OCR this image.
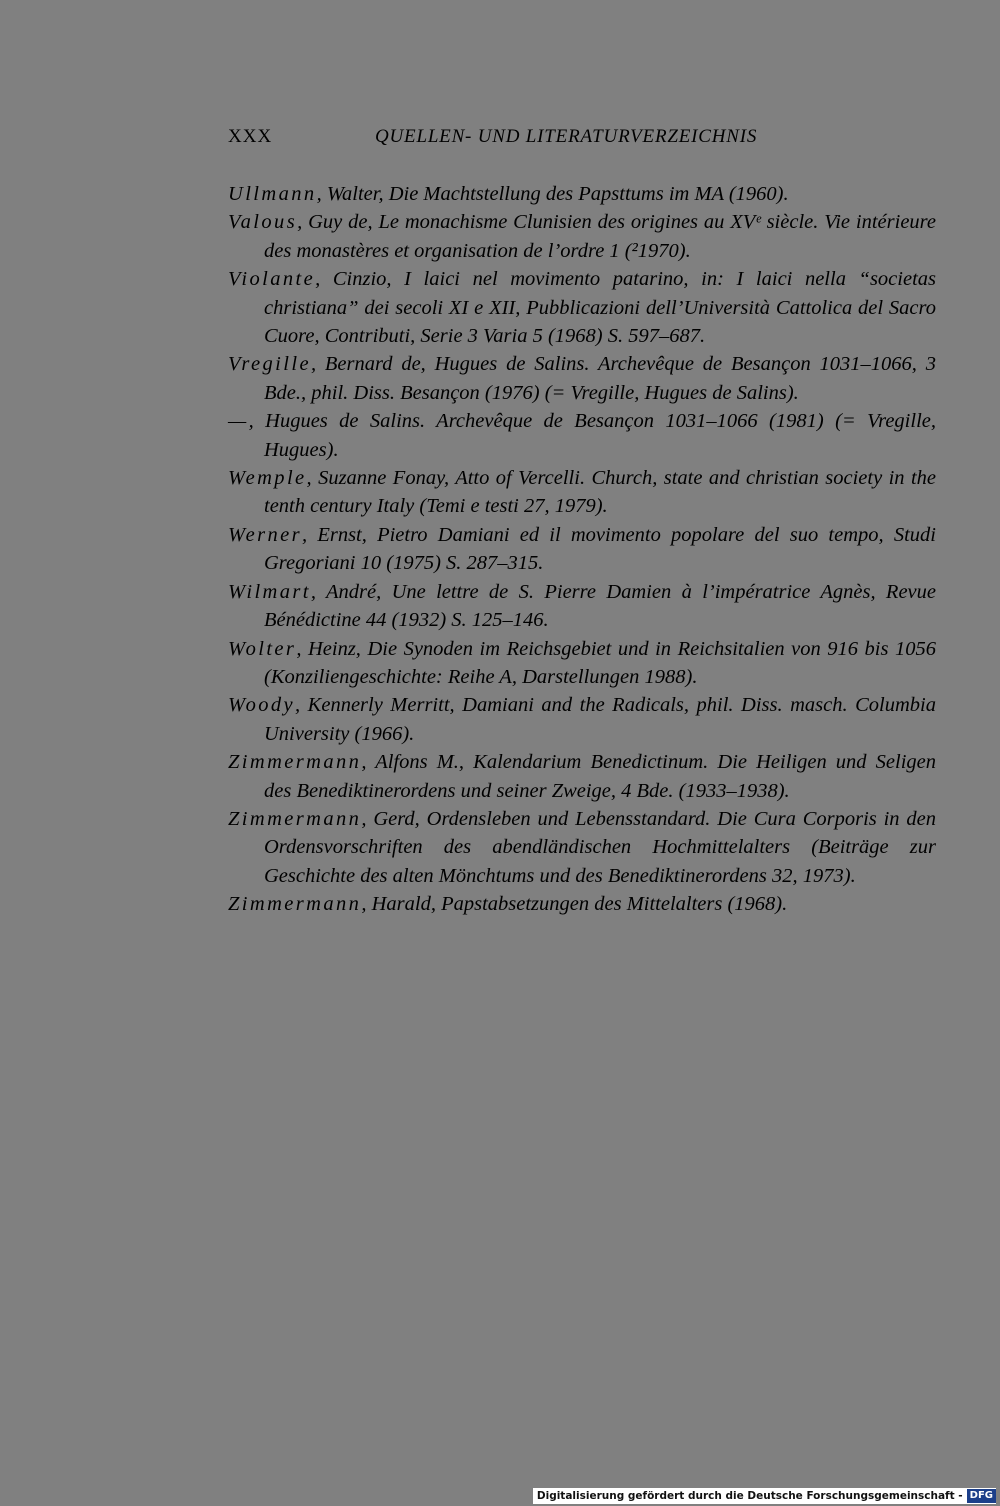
XXX	QUELLEN- UND LITERATURVERZEICHNIS
Ullmann, Walter, Die Machtstellung des Papsttums im MA (1960).
Valous, Guy de, Le monachisme Clunisien des origines au XVᵉ siècle. Vie intérieure des monastères et organisation de l’ordre 1 (²1970).
Violante, Cinzio, I laici nel movimento patarino, in: I laici nella “societas christiana” dei secoli XI e XII, Pubblicazioni dell’Università Cattolica del Sacro Cuore, Contributi, Serie 3 Varia 5 (1968) S. 597–687.
Vregille, Bernard de, Hugues de Salins. Archevêque de Besançon 1031–1066, 3 Bde., phil. Diss. Besançon (1976) (= Vregille, Hugues de Salins).
—, Hugues de Salins. Archevêque de Besançon 1031–1066 (1981) (= Vregille, Hugues).
Wemple, Suzanne Fonay, Atto of Vercelli. Church, state and christian society in the tenth century Italy (Temi e testi 27, 1979).
Werner, Ernst, Pietro Damiani ed il movimento popolare del suo tempo, Studi Gregoriani 10 (1975) S. 287–315.
Wilmart, André, Une lettre de S. Pierre Damien à l’impératrice Agnès, Revue Bénédictine 44 (1932) S. 125–146.
Wolter, Heinz, Die Synoden im Reichsgebiet und in Reichsitalien von 916 bis 1056 (Konziliengeschichte: Reihe A, Darstellungen 1988).
Woody, Kennerly Merritt, Damiani and the Radicals, phil. Diss. masch. Columbia University (1966).
Zimmermann, Alfons M., Kalendarium Benedictinum. Die Heiligen und Seligen des Benediktinerordens und seiner Zweige, 4 Bde. (1933–1938).
Zimmermann, Gerd, Ordensleben und Lebensstandard. Die Cura Corporis in den Ordensvorschriften des abendländischen Hochmittelalters (Beiträge zur Geschichte des alten Mönchtums und des Benediktinerordens 32, 1973).
Zimmermann, Harald, Papstabsetzungen des Mittelalters (1968).
Digitalisierung gefördert durch die Deutsche Forschungsgemeinschaft - DFG
